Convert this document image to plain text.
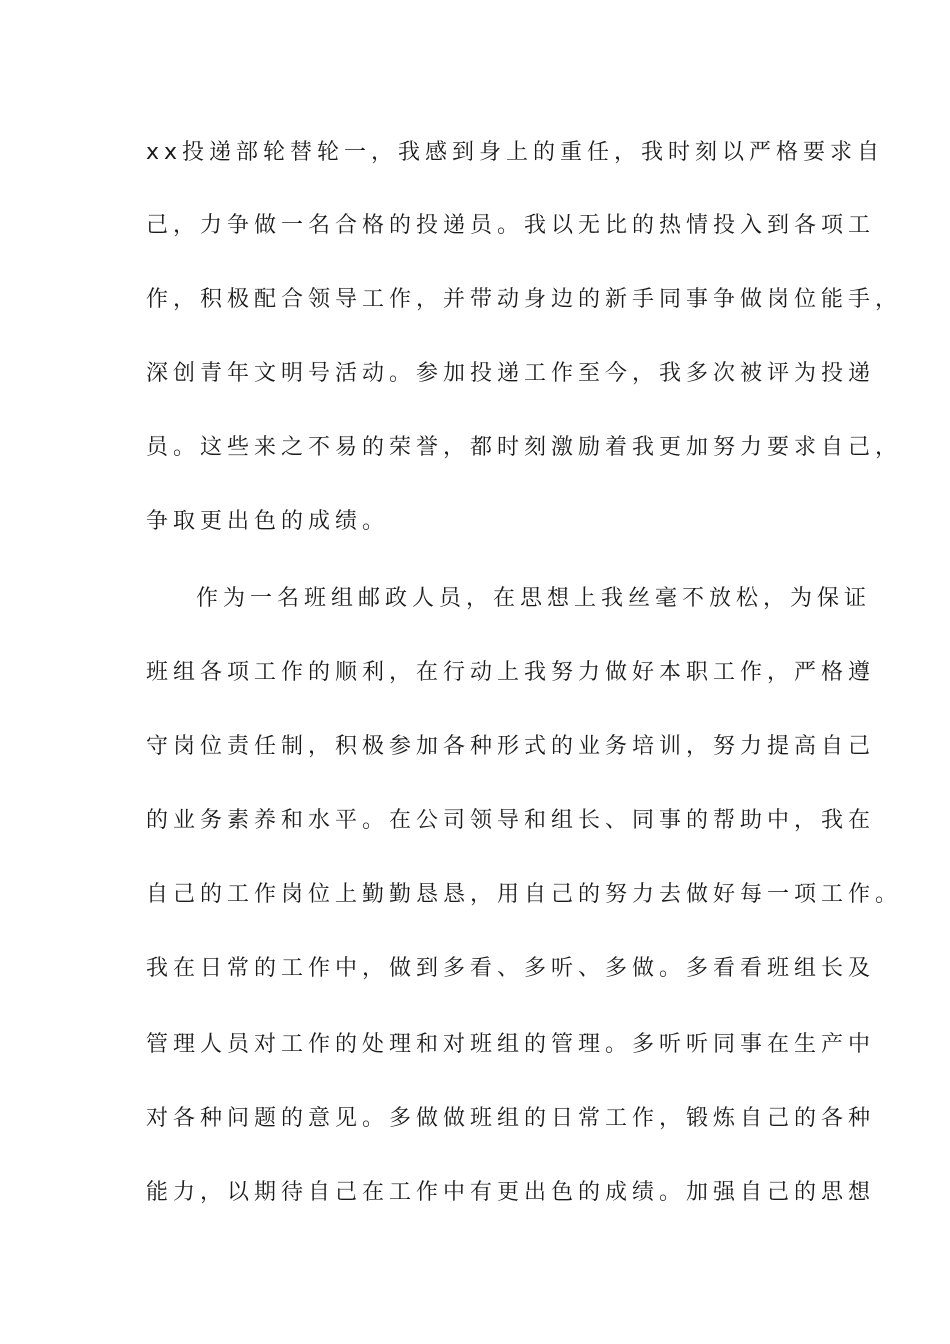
xx投递部轮替轮一，我感到身上的重任，我时刻以严格要求自
己，力争做一名合格的投递员。我以无比的热情投入到各项工
作，积极配合领导工作，并带动身边的新手同事争做岗位能手，
深创青年文明号活动。参加投递工作至今，我多次被评为投递
员。这些来之不易的荣誉，都时刻激励着我更加努力要求自己，
争取更出色的成绩。
作为一名班组邮政人员，在思想上我丝毫不放松，为保证
班组各项工作的顺利，在行动上我努力做好本职工作，严格遵
守岗位责任制，积极参加各种形式的业务培训，努力提高自己
的业务素养和水平。在公司领导和组长、同事的帮助中，我在
自己的工作岗位上勤勤恳恳，用自己的努力去做好每一项工作。
我在日常的工作中，做到多看、多听、多做。多看看班组长及
管理人员对工作的处理和对班组的管理。多听听同事在生产中
对各种问题的意见。多做做班组的日常工作，锻炼自己的各种
能力，以期待自己在工作中有更出色的成绩。加强自己的思想
